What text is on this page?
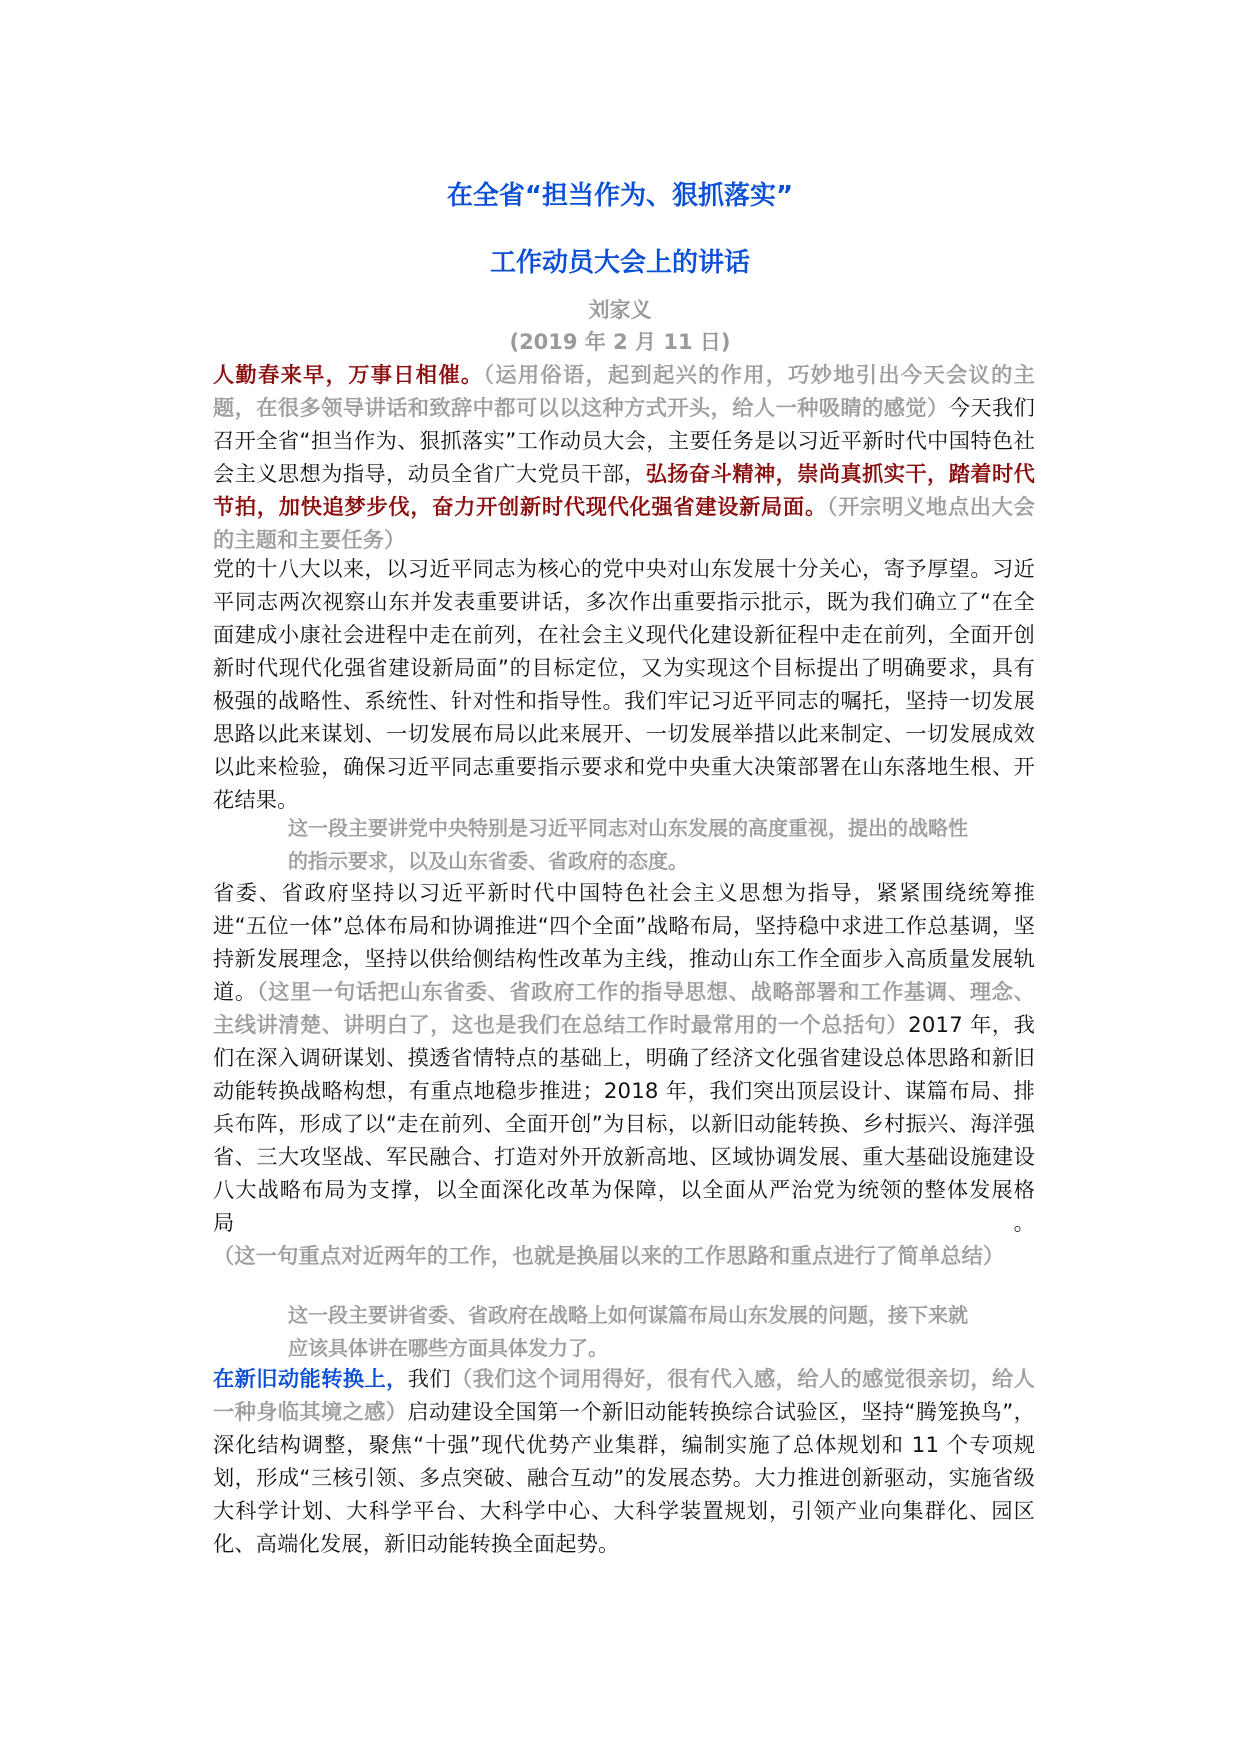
在全省“担当作为、狠抓落实”
工作动员大会上的讲话
刘家义
(2019 年 2 月 11 日)
人勤春来早，万事日相催。（运用俗语，起到起兴的作用，巧妙地引出今天会议的主题，在很多领导讲话和致辞中都可以以这种方式开头，给人一种吸睛的感觉）今天我们召开全省“担当作为、狠抓落实”工作动员大会，主要任务是以习近平新时代中国特色社会主义思想为指导，动员全省广大党员干部，弘扬奋斗精神，崇尚真抓实干，踏着时代节拍，加快追梦步伐，奋力开创新时代现代化强省建设新局面。（开宗明义地点出大会的主题和主要任务）
党的十八大以来，以习近平同志为核心的党中央对山东发展十分关心，寄予厚望。习近平同志两次视察山东并发表重要讲话，多次作出重要指示批示，既为我们确立了“在全面建成小康社会进程中走在前列，在社会主义现代化建设新征程中走在前列，全面开创新时代现代化强省建设新局面”的目标定位，又为实现这个目标提出了明确要求，具有极强的战略性、系统性、针对性和指导性。我们牢记习近平同志的嘱托，坚持一切发展思路以此来谋划、一切发展布局以此来展开、一切发展举措以此来制定、一切发展成效以此来检验，确保习近平同志重要指示要求和党中央重大决策部署在山东落地生根、开花结果。
这一段主要讲党中央特别是习近平同志对山东发展的高度重视，提出的战略性的指示要求，以及山东省委、省政府的态度。
省委、省政府坚持以习近平新时代中国特色社会主义思想为指导，紧紧围绕统筹推进“五位一体”总体布局和协调推进“四个全面”战略布局，坚持稳中求进工作总基调，坚持新发展理念，坚持以供给侧结构性改革为主线，推动山东工作全面步入高质量发展轨道。（这里一句话把山东省委、省政府工作的指导思想、战略部署和工作基调、理念、主线讲清楚、讲明白了，这也是我们在总结工作时最常用的一个总括句）2017 年，我们在深入调研谋划、摸透省情特点的基础上，明确了经济文化强省建设总体思路和新旧动能转换战略构想，有重点地稳步推进；2018 年，我们突出顶层设计、谋篇布局、排兵布阵，形成了以“走在前列、全面开创”为目标，以新旧动能转换、乡村振兴、海洋强省、三大攻坚战、军民融合、打造对外开放新高地、区域协调发展、重大基础设施建设八大战略布局为支撑，以全面深化改革为保障，以全面从严治党为统领的整体发展格局。（这一句重点对近两年的工作，也就是换届以来的工作思路和重点进行了简单总结）
这一段主要讲省委、省政府在战略上如何谋篇布局山东发展的问题，接下来就应该具体讲在哪些方面具体发力了。
在新旧动能转换上，我们（我们这个词用得好，很有代入感，给人的感觉很亲切，给人一种身临其境之感）启动建设全国第一个新旧动能转换综合试验区，坚持“腾笼换鸟”，深化结构调整，聚焦“十强”现代优势产业集群，编制实施了总体规划和 11 个专项规划，形成“三核引领、多点突破、融合互动”的发展态势。大力推进创新驱动，实施省级大科学计划、大科学平台、大科学中心、大科学装置规划，引领产业向集群化、园区化、高端化发展，新旧动能转换全面起势。
